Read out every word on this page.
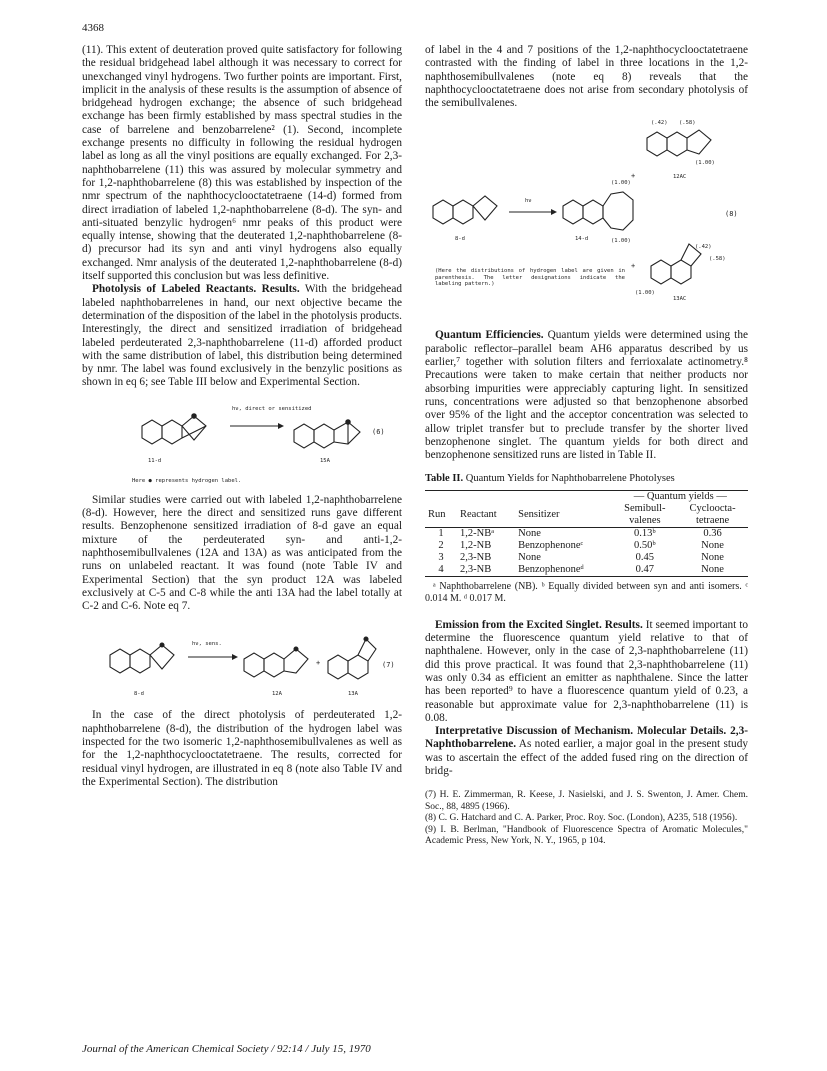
4368

(11). This extent of deuteration proved quite satisfactory for following the residual bridgehead label although it was necessary to correct for unexchanged vinyl hydrogens. Two further points are important. First, implicit in the analysis of these results is the assumption of absence of bridgehead hydrogen exchange; the absence of such bridgehead exchange has been firmly established by mass spectral studies in the case of barrelene and benzobarrelene² (1). Second, incomplete exchange presents no difficulty in following the residual hydrogen label as long as all the vinyl positions are equally exchanged. For 2,3-naphthobarrelene (11) this was assured by molecular symmetry and for 1,2-naphthobarrelene (8) this was established by inspection of the nmr spectrum of the naphthocyclooctatetraene (14-d) formed from direct irradiation of labeled 1,2-naphthobarrelene (8-d). The syn- and anti-situated benzylic hydrogen⁶ nmr peaks of this product were equally intense, showing that the deuterated 1,2-naphthobarrelene (8-d) precursor had its syn and anti vinyl hydrogens also equally exchanged. Nmr analysis of the deuterated 1,2-naphthobarrelene (8-d) itself supported this conclusion but was less definitive.

Photolysis of Labeled Reactants. Results. With the bridgehead labeled naphthobarrelenes in hand, our next objective became the determination of the disposition of the label in the photolysis products. Interestingly, the direct and sensitized irradiation of bridgehead labeled perdeuterated 2,3-naphthobarrelene (11-d) afforded product with the same distribution of label, this distribution being determined by nmr. The label was found exclusively in the benzylic positions as shown in eq 6; see Table III below and Experimental Section.

11-d
hν, direct or sensitized
15A
(6)
Here ● represents hydrogen label.

Similar studies were carried out with labeled 1,2-naphthobarrelene (8-d). However, here the direct and sensitized runs gave different results. Benzophenone sensitized irradiation of 8-d gave an equal mixture of the perdeuterated syn- and anti-1,2-naphthosemibullvalenes (12A and 13A) as was anticipated from the runs on unlabeled reactant. It was found (note Table IV and Experimental Section) that the syn product 12A was labeled exclusively at C-5 and C-8 while the anti 13A had the label totally at C-2 and C-6. Note eq 7.

8-d
hν, sens.
12A
+
13A
(7)

In the case of the direct photolysis of perdeuterated 1,2-naphthobarrelene (8-d), the distribution of the hydrogen label was inspected for the two isomeric 1,2-naphthosemibullvalenes as well as for the 1,2-naphthocyclooctatetraene. The results, corrected for residual vinyl hydrogen, are illustrated in eq 8 (note also Table IV and the Experimental Section). The distribution

of label in the 4 and 7 positions of the 1,2-naphthocyclooctatetraene contrasted with the finding of label in three locations in the 1,2-naphthosemibullvalenes (note eq 8) reveals that the naphthocyclooctatetraene does not arise from secondary photolysis of the semibullvalenes.

(.42) (.58)
(1.00)
+	12AC
8-d
hν
(1.00)
(1.00)
14-d
(8)
+
(.42)
(.58)
(1.00)
13AC
(Here the distributions of hydrogen label are given in parenthesis. The letter designations indicate the labeling pattern.)

Quantum Efficiencies. Quantum yields were determined using the parabolic reflector–parallel beam AH6 apparatus described by us earlier,⁷ together with solution filters and ferrioxalate actinometry.⁸ Precautions were taken to make certain that neither products nor absorbing impurities were appreciably capturing light. In sensitized runs, concentrations were adjusted so that benzophenone absorbed over 95% of the light and the acceptor concentration was selected to allow triplet transfer but to preclude transfer by the shorter lived benzophenone singlet. The quantum yields for both direct and benzophenone sensitized runs are listed in Table II.

Table II. Quantum Yields for Naphthobarrelene Photolyses
			— Quantum yields —	
Run	Reactant	Sensitizer	Semibull-
valenes	Cycloocta-
tetraene
1	1,2-NBᵃ	None	0.13ᵇ	0.36
2	1,2-NB	Benzophenoneᶜ	0.50ᵇ	None
3	2,3-NB	None	0.45	None
4	2,3-NB	Benzophenoneᵈ	0.47	None
ᵃ Naphthobarrelene (NB). ᵇ Equally divided between syn and anti isomers. ᶜ 0.014 M. ᵈ 0.017 M.

Emission from the Excited Singlet. Results. It seemed important to determine the fluorescence quantum yield relative to that of naphthalene. However, only in the case of 2,3-naphthobarrelene (11) did this prove practical. It was found that 2,3-naphthobarrelene (11) was only 0.34 as efficient an emitter as naphthalene. Since the latter has been reported⁹ to have a fluorescence quantum yield of 0.23, a reasonable but approximate value for 2,3-naphthobarrelene (11) is 0.08.

Interpretative Discussion of Mechanism. Molecular Details. 2,3-Naphthobarrelene. As noted earlier, a major goal in the present study was to ascertain the effect of the added fused ring on the direction of bridg-

(7) H. E. Zimmerman, R. Keese, J. Nasielski, and J. S. Swenton, J. Amer. Chem. Soc., 88, 4895 (1966).
(8) C. G. Hatchard and C. A. Parker, Proc. Roy. Soc. (London), A235, 518 (1956).
(9) I. B. Berlman, "Handbook of Fluorescence Spectra of Aromatic Molecules," Academic Press, New York, N. Y., 1965, p 104.
Journal of the American Chemical Society / 92:14 / July 15, 1970
